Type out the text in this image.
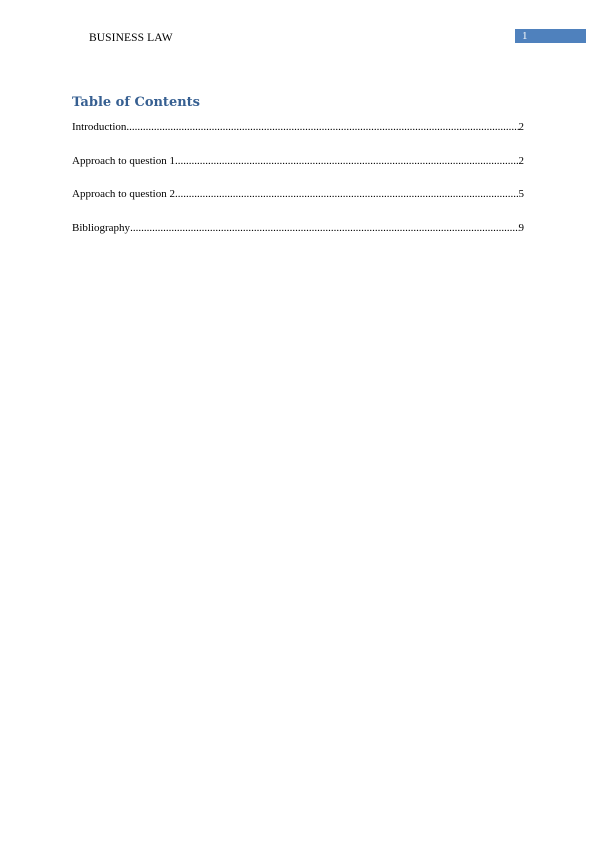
BUSINESS LAW	1
Table of Contents
Introduction .....	2
Approach to question 1 .....	2
Approach to question 2 .....	5
Bibliography .....	9
